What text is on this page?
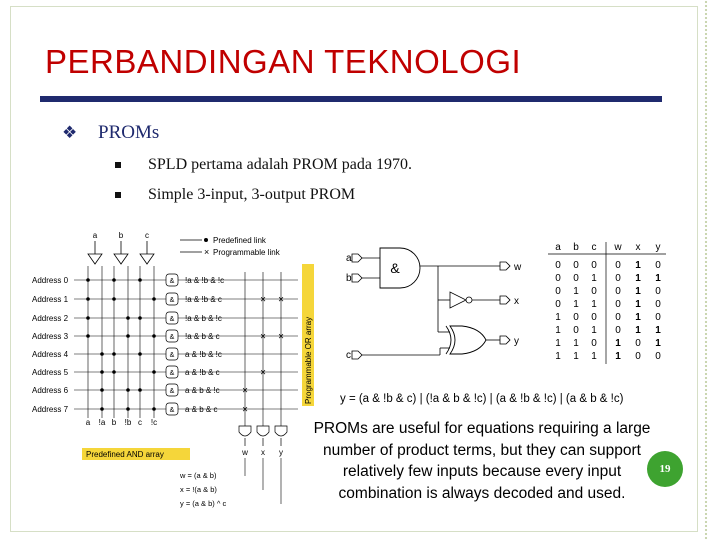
PERBANDINGAN TEKNOLOGI
❖	PROMs
SPLD pertama adalah PROM pada 1970.
Simple 3-input, 3-output PROM
a	b	c
Predefined link
× Programmable link
Address 0
Address 1
Address 2
Address 3
Address 4
Address 5
Address 6
Address 7
a !a b !b c !c
&
&
&
&
&
&
&
&
!a & !b & !c
!a & !b & c
!a & b & !c
!a & b & c
a & !b & !c
a & !b & c
a & b & !c
a & b & c
× ×
× ×
×
×
×
Programmable OR array
Predefined AND array	w x y
w = (a & b)
x = !(a & b)
y = (a & b) ^ c
a
b
c
&	w
x
y
a b c w x y
0 0 0 0 1 0
0 0 1 0 1 1
0 1 0 0 1 0
0 1 1 0 1 0
1 0 0 0 1 0
1 0 1 0 1 1
1 1 0 1 0 1
1 1 1 1 0 0
y = (a & !b & c) | (!a & b & !c) | (a & !b & !c) | (a & b & !c)
PROMs are useful for equations requiring a large number of product terms, but they can support relatively few inputs because every input combination is always decoded and used.
19
